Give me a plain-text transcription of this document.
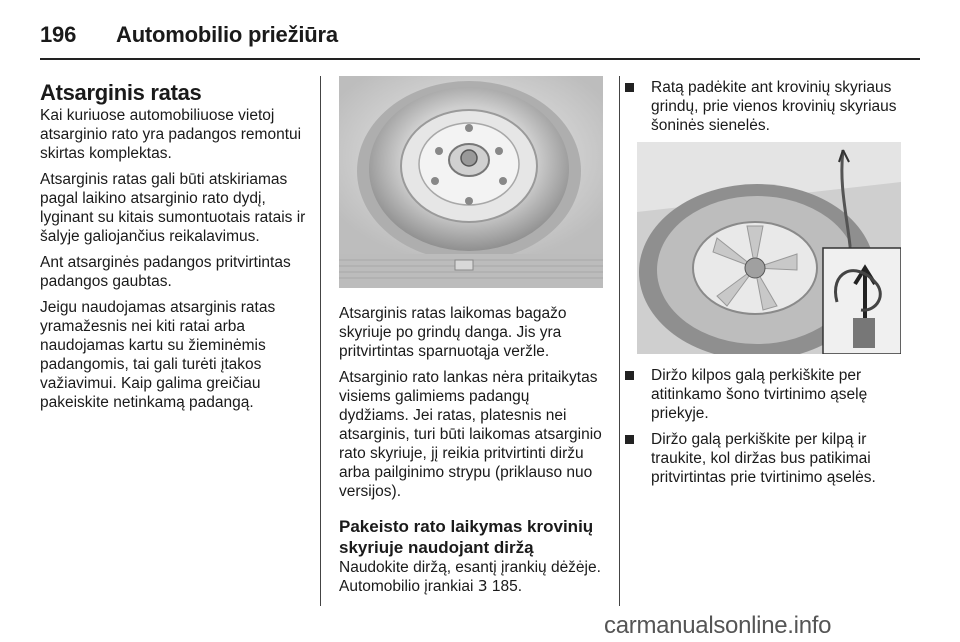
196 Automobilio priežiūra
Atsarginis ratas

Kai kuriuose automobiliuose vietoj atsarginio rato yra padangos remontui skirtas komplektas.

Atsarginis ratas gali būti atskiriamas pagal laikino atsarginio rato dydį, lyginant su kitais sumontuotais ratais ir šalyje galiojančius reikalavimus.

Ant atsarginės padangos pritvirtintas padangos gaubtas.

Jeigu naudojamas atsarginis ratas yramažesnis nei kiti ratai arba naudojamas kartu su žieminėmis padangomis, tai gali turėti įtakos važiavimui. Kaip galima greičiau pakeiskite netinkamą padangą.

Atsarginis ratas laikomas bagažo skyriuje po grindų danga. Jis yra pritvirtintas sparnuotąja veržle.

Atsarginio rato lankas nėra pritaikytas visiems galimiems padangų dydžiams. Jei ratas, platesnis nei atsarginis, turi būti laikomas atsarginio rato skyriuje, jį reikia pritvirtinti diržu arba pailginimo strypu (priklauso nuo versijos).

Pakeisto rato laikymas krovinių skyriuje naudojant diržą

Naudokite diržą, esantį įrankių dėžėje. Automobilio įrankiai 3 185.

Ratą padėkite ant krovinių skyriaus grindų, prie vienos krovinių skyriaus šoninės sienelės.
Diržo kilpos galą perkiškite per atitinkamo šono tvirtinimo ąselę priekyje.
Diržo galą perkiškite per kilpą ir traukite, kol diržas bus patikimai pritvirtintas prie tvirtinimo ąselės.
carmanualsonline.info
